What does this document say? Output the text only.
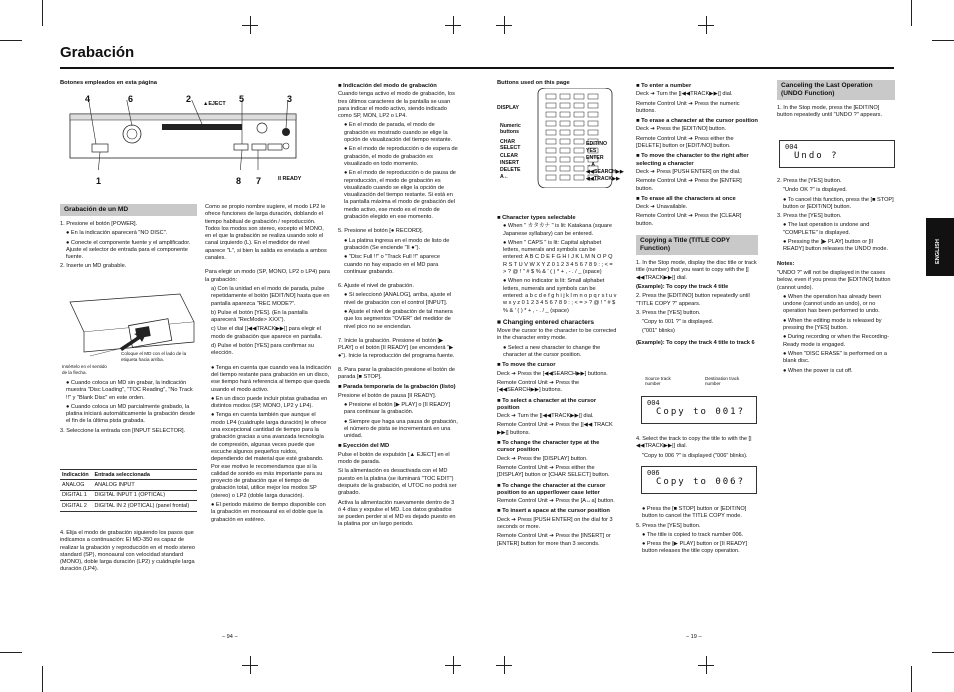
Grabación
Botones empleados en esta página
4	6	2 ▲EJECT 5	3
1	8 7	II READY
Grabación de un MD

1. Presione el botón [POWER].

● En la indicación aparecerá "NO DISC".

● Conecte el componente fuente y el amplificador. Ajuste el selector de entrada para el componente fuente.

2. Inserte un MD grabable.

Insértelo en el sentido de la flecha.
Coloque el MD con el lado de la etiqueta hacia arriba.

● Cuando coloca un MD sin grabar, la indicación muestra "Disc Loading", "TOC Reading", "No Track !!" y "Blank Disc" en este orden.

● Cuando coloca un MD parcialmente grabado, la platina iniciará automáticamente la grabación desde el fin de la última pista grabada.

3. Seleccione la entrada con [INPUT SELECTOR].

Indicación	Entrada seleccionada
ANALOG	ANALOG INPUT
DIGITAL 1	DIGITAL INPUT 1 (OPTICAL)
DIGITAL 2	DIGITAL IN 2 (OPTICAL) (panel frontal)

4. Elija el modo de grabación siguiendo los pasos que indicamos a continuación: El MD-350 es capaz de realizar la grabación y reproducción en el modo stereo standard (SP), monoaural con velocidad standard (MONO), doble larga duración (LP2) y cuádruple larga duración (LP4).

Como se propio nombre sugiere, el modo LP2 le ofrece funciones de larga duración, doblando el tiempo habitual de grabación / reproducción. Todos los modos son stereo, excepto el MONO, en el que la grabación se realiza usando solo el canal izquierdo (L). En el medidor de nivel aparece "L", si bien la salida es enviada a ambos canales.

Para elegir un modo (SP, MONO, LP2 o LP4) para la grabación:

a) Con la unidad en el modo de parada, pulse repetidamente el botón [EDIT/NO] hasta que en pantalla aparezca "REC MODE?".

b) Pulse el botón [YES]. (En la pantalla aparecerá "RecMode> XXX").

c) Use el dial [|◀◀TRACK▶▶|] para elegir el modo de grabación que aparece en pantalla.

d) Pulse el botón [YES] para confirmar su elección.

● Tenga en cuenta que cuando vea la indicación del tiempo restante para grabación en un disco, ese tiempo hará referencia al tiempo que queda usando el modo activo.

● En un disco puede incluir pistas grabadas en distintos modos (SP, MONO, LP2 y LP4).

● Tenga en cuenta también que aunque el modo LP4 (cuádruple larga duración) le ofrece una excepcional cantidad de tiempo para la grabación gracias a una avanzada tecnología de compresión, algunas veces puede que escuche algunos pequeños ruidos, dependiendo del material que esté grabando. Por ese motivo le recomendamos que si la calidad de sonido es más importante para su proyecto de grabación que el tiempo de grabación total, utilice mejor los modos SP (stereo) o LP2 (doble larga duración).

● El periodo máximo de tiempo disponible con la grabación en monoaural es el doble que la grabación en estéreo.

■ Indicación del modo de grabación

Cuando tenga activo el modo de grabación, los tres últimos caracteres de la pantalla se usan para indicar el modo activo, siendo indicado como SP, MON, LP2 o LP4.

● En el modo de parada, el modo de grabación es mostrado cuando se elige la opción de visualización del tiempo restante.

● En el modo de reproducción o de espera de grabación, el modo de grabación es visualizado en todo momento.

● En el modo de reproducción o de pausa de reproducción, el modo de grabación es visualizado cuando se elige la opción de visualización del tiempo restante. Si está en la pantalla máxima el modo de grabación del medio activo, ese modo es el modo de grabación elegido en ese momento.

5. Presione el botón [● RECORD].

● La platina ingresa en el modo de listo de grabación (Se enciende "II ●").

● "Disc Full !!" o "Track Full !!" aparece cuando no hay espacio en el MD para continuar grabando.

6. Ajuste el nivel de grabación.

● Si seleccionó [ANALOG], arriba, ajuste el nivel de grabación con el control [INPUT].

● Ajuste el nivel de grabación de tal manera que los segmentos "OVER" del medidor de nivel pico no se enciendan.

7. Inicie la grabación. Presione el botón [▶ PLAY] o el botón [II READY] (se encenderá "▶ ●"). Inicie la reproducción del programa fuente.

8. Para parar la grabación presione el botón de parada [■ STOP].

■ Parada temporaria de la grabación (listo)

Presione el botón de pausa [II READY].

● Presione el botón [▶ PLAY] o [II READY] para continuar la grabación.

● Siempre que haga una pausa de grabación, el número de pista se incrementará en una unidad.

■ Eyección del MD

Pulse el botón de expulsión [▲ EJECT] en el modo de parada.

Si la alimentación es desactivada con el MD puesto en la platina (se iluminará "TOC EDIT") después de la grabación, el UTOC no podrá ser grabado.

Activa la alimentación nuevamente dentro de 3 ó 4 días y expulse el MD. Los datos grabados se pueden perder si el MD es dejado puesto en la platina por un largo periodo.

– 94 –
Buttons used on this page
DISPLAY
Numeric buttons
CHAR SELECT
CLEAR
INSERT
DELETE
A←
EDIT/NO
YES
ENTER
→A
◀◀SEARCH▶▶
◀◀TRACK▶▶

■ Character types selectable

● When " カタカナ " is lit: Katakana (square Japanese syllabary) can be entered.

● When " CAPS " is lit: Capital alphabet letters, numerals and symbols can be entered: A B C D E F G H I J K L M N O P Q R S T U V W X Y Z 0 1 2 3 4 5 6 7 8 9 : ; < = > ? @ ! " # $ % & ' ( ) * + , - . / _ (space)

● When no indicator is lit: Small alphabet letters, numerals and symbols can be entered: a b c d e f g h i j k l m n o p q r s t u v w x y z 0 1 2 3 4 5 6 7 8 9 : ; < = > ? @ ! " # $ % & ' ( ) * + , - . / _ (space)

■ Changing entered characters

Move the cursor to the character to be corrected in the character entry mode.

● Select a new character to change the character at the cursor position.

■ To move the cursor

Deck ➔ Press the [◀◀SEARCH▶▶] buttons.

Remote Control Unit ➔ Press the [◀◀SEARCH▶▶] buttons.

■ To select a character at the cursor position

Deck ➔ Turn the [|◀◀TRACK▶▶|] dial.

Remote Control Unit ➔ Press the [|◀◀ TRACK ▶▶|] buttons.

■ To change the character type at the cursor position

Deck ➔ Press the [DISPLAY] button.

Remote Control Unit ➔ Press either the [DISPLAY] button or [CHAR SELECT] button.

■ To change the character at the cursor position to an upper/lower case letter

Remote Control Unit ➔ Press the [A↔a] button.

■ To insert a space at the cursor position

Deck ➔ Press [PUSH ENTER] on the dial for 3 seconds or more.

Remote Control Unit ➔ Press the [INSERT] or [ENTER] button for more than 3 seconds.

■ To enter a number

Deck ➔ Turn the [|◀◀TRACK▶▶|] dial.

Remote Control Unit ➔ Press the numeric buttons.

■ To erase a character at the cursor position

Deck ➔ Press the [EDIT/NO] button.

Remote Control Unit ➔ Press either the [DELETE] button or [EDIT/NO] button.

■ To move the character to the right after selecting a character

Deck ➔ Press [PUSH ENTER] on the dial.

Remote Control Unit ➔ Press the [ENTER] button.

■ To erase all the characters at once

Deck ➔ Unavailable.

Remote Control Unit ➔ Press the [CLEAR] button.

Copying a Title (TITLE COPY Function)

1. In the Stop mode, display the disc title or track title (number) that you want to copy with the [|◀◀TRACK▶▶|] dial.

(Example): To copy the track 4 title

2. Press the [EDIT/NO] button repeatedly until "TITLE COPY ?" appears.

3. Press the [YES] button.

"Copy to 001 ?" is displayed.

("001" blinks)

(Example): To copy the track 4 title to track 6

Source track number
Destination track number
004
Copy to 001?

4. Select the track to copy the title to with the [|◀◀TRACK▶▶|] dial.

"Copy to 006 ?" is displayed ("006" blinks).

006
Copy to 006?

● Press the [■ STOP] button or [EDIT/NO] button to cancel the TITLE COPY mode.

5. Press the [YES] button.

● The title is copied to track number 006.

● Press the [▶ PLAY] button or [II READY] button releases the title copy operation.

Canceling the Last Operation (UNDO Function)

1. In the Stop mode, press the [EDIT/NO] button repeatedly until "UNDO ?" appears.

004
Undo ?

2. Press the [YES] button.

"Undo OK ?" is displayed.

● To cancel this function, press the [■ STOP] button or [EDIT/NO] button.

3. Press the [YES] button.

● The last operation is undone and "COMPLETE" is displayed.

● Pressing the [▶ PLAY] button or [II READY] button releases the UNDO mode.

Notes:

"UNDO ?" will not be displayed in the cases below, even if you press the [EDIT/NO] button (cannot undo).

● When the operation has already been undone (cannot undo an undo), or no operation has been performed to undo.

● When the editing mode is released by pressing the [YES] button.

● During recording or when the Recording-Ready mode is engaged.

● When "DISC ERASE" is performed on a blank disc.

● When the power is cut off.

ENGLISH
– 19 –
